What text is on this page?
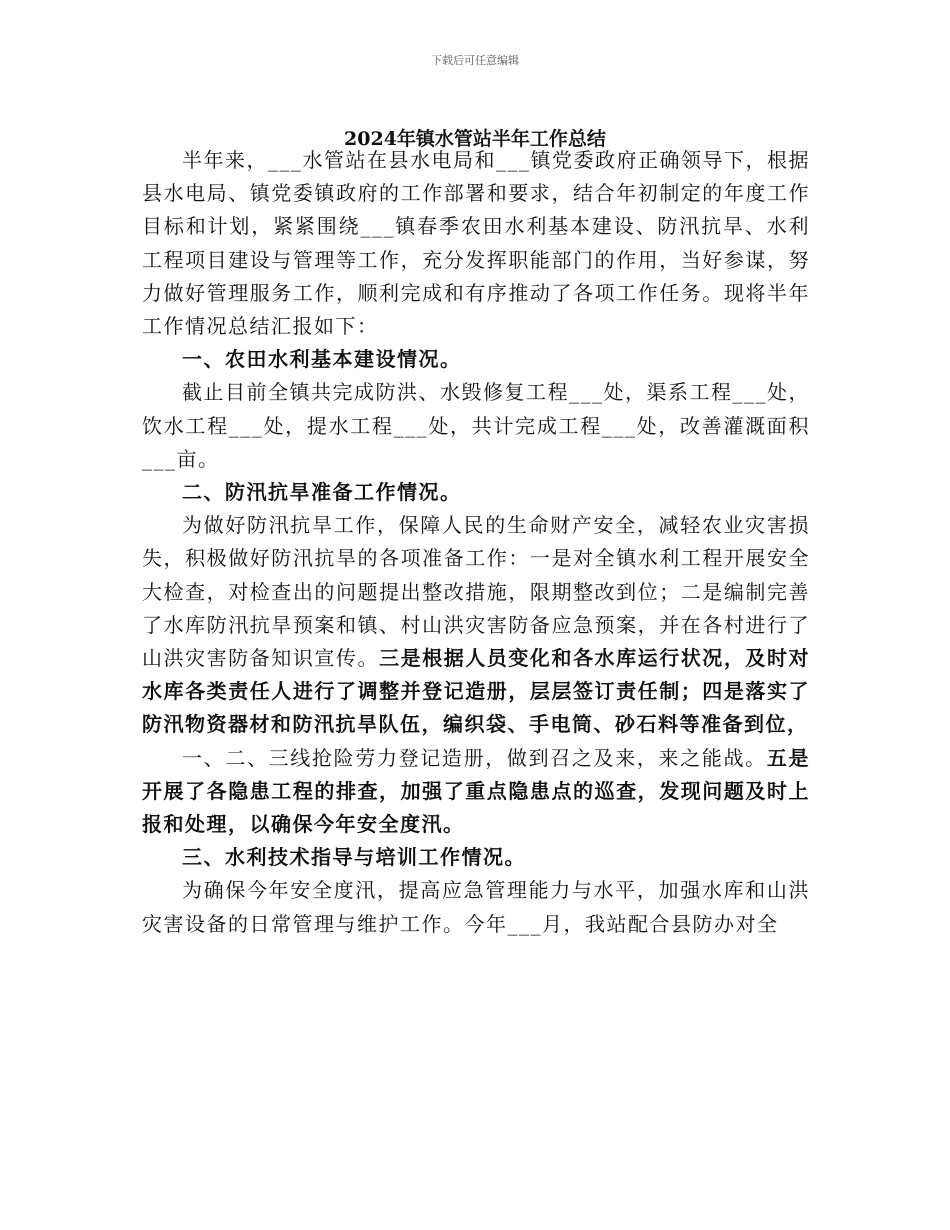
下载后可任意编辑
2024年镇水管站半年工作总结

半年来，___水管站在县水电局和___镇党委政府正确领导下，根据县水电局、镇党委镇政府的工作部署和要求，结合年初制定的年度工作目标和计划，紧紧围绕___镇春季农田水利基本建设、防汛抗旱、水利工程项目建设与管理等工作，充分发挥职能部门的作用，当好参谋，努力做好管理服务工作，顺利完成和有序推动了各项工作任务。现将半年工作情况总结汇报如下：

一、农田水利基本建设情况。

截止目前全镇共完成防洪、水毁修复工程___处，渠系工程___处，饮水工程___处，提水工程___处，共计完成工程___处，改善灌溉面积___亩。

二、防汛抗旱准备工作情况。

为做好防汛抗旱工作，保障人民的生命财产安全，减轻农业灾害损失，积极做好防汛抗旱的各项准备工作：一是对全镇水利工程开展安全大检查，对检查出的问题提出整改措施，限期整改到位；二是编制完善了水库防汛抗旱预案和镇、村山洪灾害防备应急预案，并在各村进行了山洪灾害防备知识宣传。三是根据人员变化和各水库运行状况，及时对水库各类责任人进行了调整并登记造册，层层签订责任制；四是落实了防汛物资器材和防汛抗旱队伍，编织袋、手电筒、砂石料等准备到位，

一、二、三线抢险劳力登记造册，做到召之及来，来之能战。五是开展了各隐患工程的排查，加强了重点隐患点的巡查，发现问题及时上报和处理，以确保今年安全度汛。

三、水利技术指导与培训工作情况。

为确保今年安全度汛，提高应急管理能力与水平，加强水库和山洪灾害设备的日常管理与维护工作。今年___月，我站配合县防办对全
